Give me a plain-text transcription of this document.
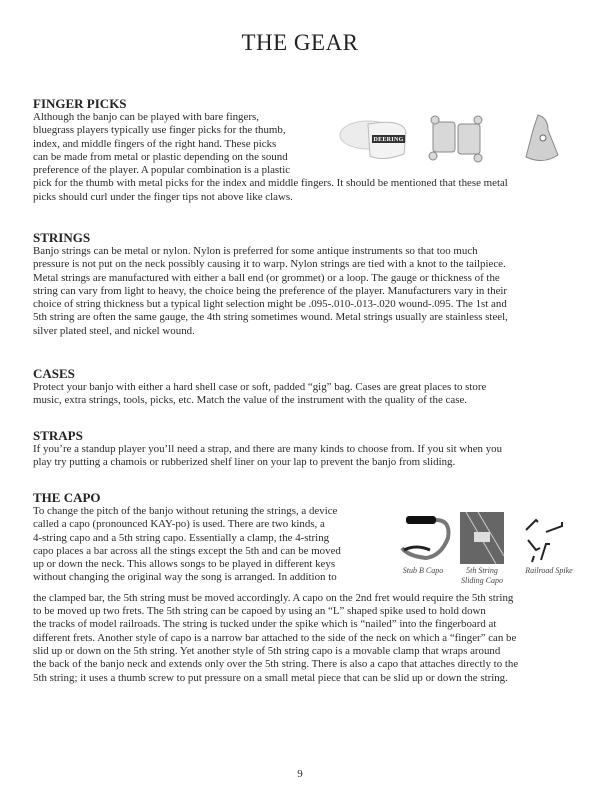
THE GEAR
FINGER PICKS
Although the banjo can be played with bare fingers,
bluegrass players typically use finger picks for the thumb,
index, and middle fingers of the right hand. These picks
can be made from metal or plastic depending on the sound
preference of the player. A popular combination is a plastic
pick for the thumb with metal picks for the index and middle fingers. It should be mentioned that these metal
picks should curl under the finger tips not above like claws.
STRINGS
Banjo strings can be metal or nylon. Nylon is preferred for some antique instruments so that too much
pressure is not put on the neck possibly causing it to warp. Nylon strings are tied with a knot to the tailpiece.
Metal strings are manufactured with either a ball end (or grommet) or a loop. The gauge or thickness of the
string can vary from light to heavy, the choice being the preference of the player. Manufacturers vary in their
choice of string thickness but a typical light selection might be .095-.010-.013-.020 wound-.095. The 1st and
5th string are often the same gauge, the 4th string sometimes wound. Metal strings usually are stainless steel,
silver plated steel, and nickel wound.
CASES
Protect your banjo with either a hard shell case or soft, padded “gig” bag. Cases are great places to store
music, extra strings, tools, picks, etc. Match the value of the instrument with the quality of the case.
STRAPS
If you’re a standup player you’ll need a strap, and there are many kinds to choose from. If you sit when you
play try putting a chamois or rubberized shelf liner on your lap to prevent the banjo from sliding.
THE CAPO
To change the pitch of the banjo without retuning the strings, a device
called a capo (pronounced KAY-po) is used. There are two kinds, a
4-string capo and a 5th string capo. Essentially a clamp, the 4-string
capo places a bar across all the stings except the 5th and can be moved
up or down the neck. This allows songs to be played in different keys
without changing the original way the song is arranged. In addition to
the clamped bar, the 5th string must be moved accordingly. A capo on the 2nd fret would require the 5th string
to be moved up two frets. The 5th string can be capoed by using an “L” shaped spike used to hold down
the tracks of model railroads. The string is tucked under the spike which is “nailed” into the fingerboard at
different frets. Another style of capo is a narrow bar attached to the side of the neck on which a “finger” can be
slid up or down on the 5th string. Yet another style of 5th string capo is a movable clamp that wraps around
the back of the banjo neck and extends only over the 5th string. There is also a capo that attaches directly to the
5th string; it uses a thumb screw to put pressure on a small metal piece that can be slid up or down the string.
DEERING
Stub B Capo	5th String Sliding Capo
Railroad Spike
9
